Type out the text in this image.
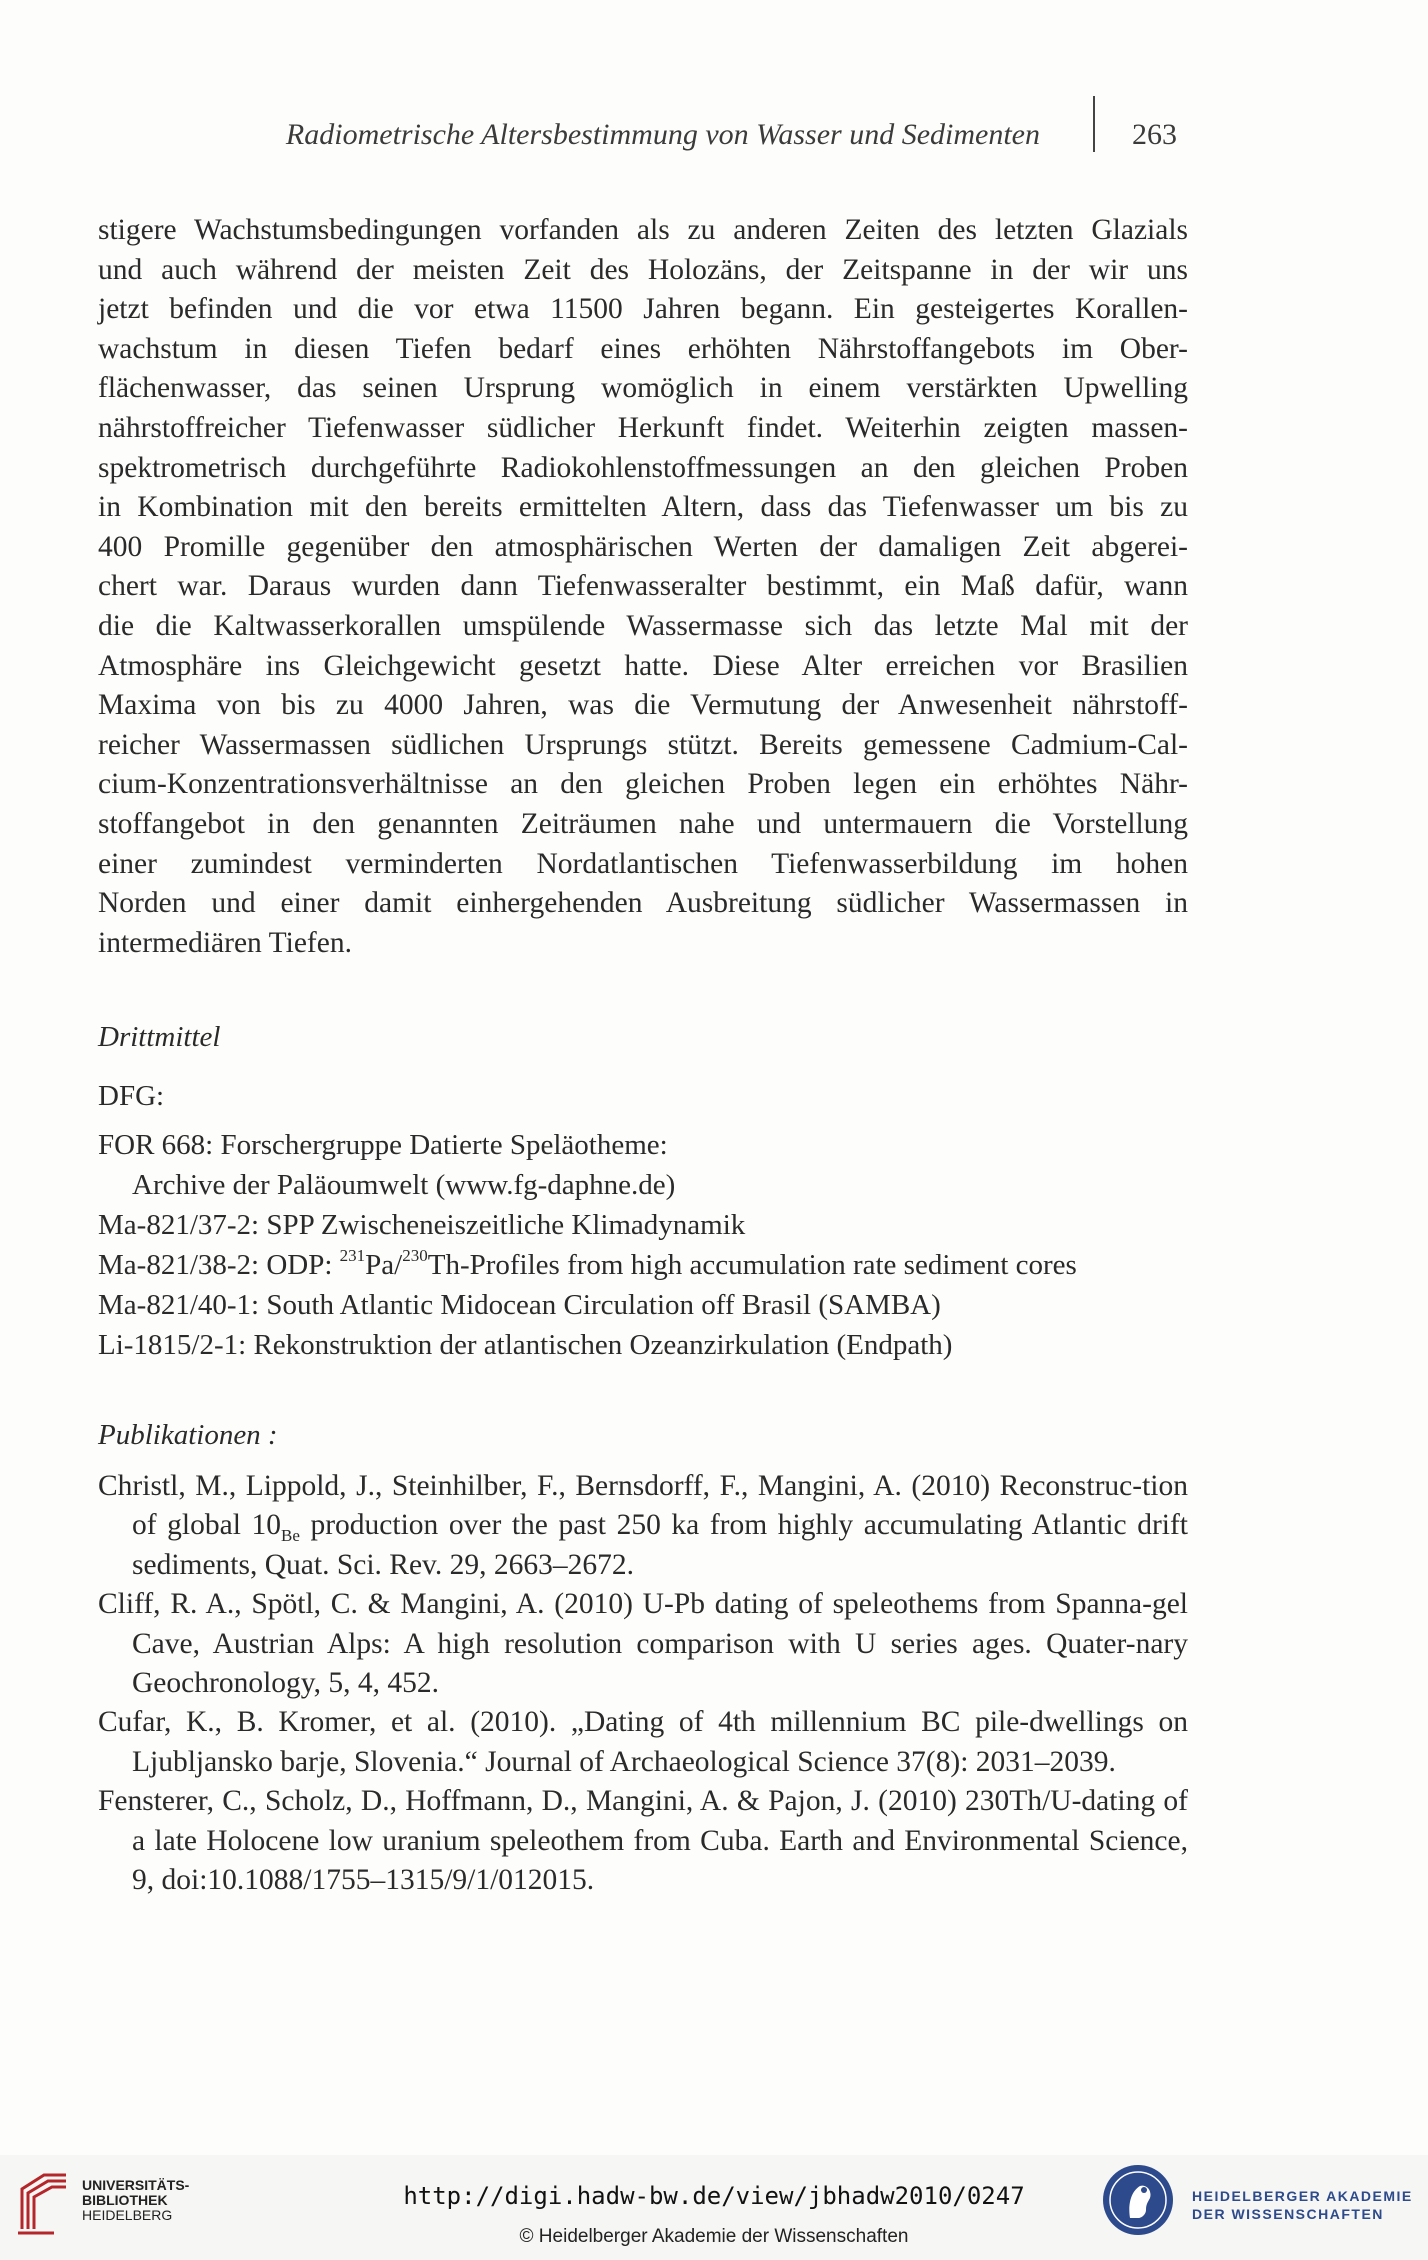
Radiometrische Altersbestimmung von Wasser und Sedimenten	263

stigere Wachstumsbedingungen vorfanden als zu anderen Zeiten des letzten Glazials

und auch während der meisten Zeit des Holozäns, der Zeitspanne in der wir uns

jetzt befinden und die vor etwa 11500 Jahren begann. Ein gesteigertes Korallen-

wachstum in diesen Tiefen bedarf eines erhöhten Nährstoffangebots im Ober-

flächenwasser, das seinen Ursprung womöglich in einem verstärkten Upwelling

nährstoffreicher Tiefenwasser südlicher Herkunft findet. Weiterhin zeigten massen-

spektrometrisch durchgeführte Radiokohlenstoffmessungen an den gleichen Proben

in Kombination mit den bereits ermittelten Altern, dass das Tiefenwasser um bis zu

400 Promille gegenüber den atmosphärischen Werten der damaligen Zeit abgerei-

chert war. Daraus wurden dann Tiefenwasseralter bestimmt, ein Maß dafür, wann

die die Kaltwasserkorallen umspülende Wassermasse sich das letzte Mal mit der

Atmosphäre ins Gleichgewicht gesetzt hatte. Diese Alter erreichen vor Brasilien

Maxima von bis zu 4000 Jahren, was die Vermutung der Anwesenheit nährstoff-

reicher Wassermassen südlichen Ursprungs stützt. Bereits gemessene Cadmium-Cal-

cium-Konzentrationsverhältnisse an den gleichen Proben legen ein erhöhtes Nähr-

stoffangebot in den genannten Zeiträumen nahe und untermauern die Vorstellung

einer zumindest verminderten Nordatlantischen Tiefenwasserbildung im hohen

Norden und einer damit einhergehenden Ausbreitung südlicher Wassermassen in

intermediären Tiefen.

Drittmittel
DFG:
FOR 668: Forschergruppe Datierte Speläotheme:
Archive der Paläoumwelt (www.fg-daphne.de)
Ma-821/37-2: SPP Zwischeneiszeitliche Klimadynamik
Ma-821/38-2: ODP: $^{231}$Pa/$^{230}$Th-Profiles from high accumulation rate sediment cores
Ma-821/40-1: South Atlantic Midocean Circulation off Brasil (SAMBA)
Li-1815/2-1: Rekonstruktion der atlantischen Ozeanzirkulation (Endpath)
Publikationen :

Christl, M., Lippold, J., Steinhilber, F., Bernsdorff, F., Mangini, A. (2010) Reconstruc-tion of global $10_{Be}$ production over the past 250 ka from highly accumulating Atlantic drift sediments, Quat. Sci. Rev. 29, 2663–2672.

Cliff, R. A., Spötl, C. & Mangini, A. (2010) U-Pb dating of speleothems from Spanna-gel Cave, Austrian Alps: A high resolution comparison with U series ages. Quater-nary Geochronology, 5, 4, 452.

Cufar, K., B. Kromer, et al. (2010). „Dating of 4th millennium BC pile-dwellings on Ljubljansko barje, Slovenia.“ Journal of Archaeological Science 37(8): 2031–2039.

Fensterer, C., Scholz, D., Hoffmann, D., Mangini, A. & Pajon, J. (2010) 230Th/U-dating of a late Holocene low uranium speleothem from Cuba. Earth and Environmental Science, 9, doi:10.1088/1755–1315/9/1/012015.

UNIVERSITÄTS-
BIBLIOTHEK
HEIDELBERG
http://digi.hadw-bw.de/view/jbhadw2010/0247
© Heidelberger Akademie der Wissenschaften
HEIDELBERGER AKADEMIE
DER WISSENSCHAFTEN
